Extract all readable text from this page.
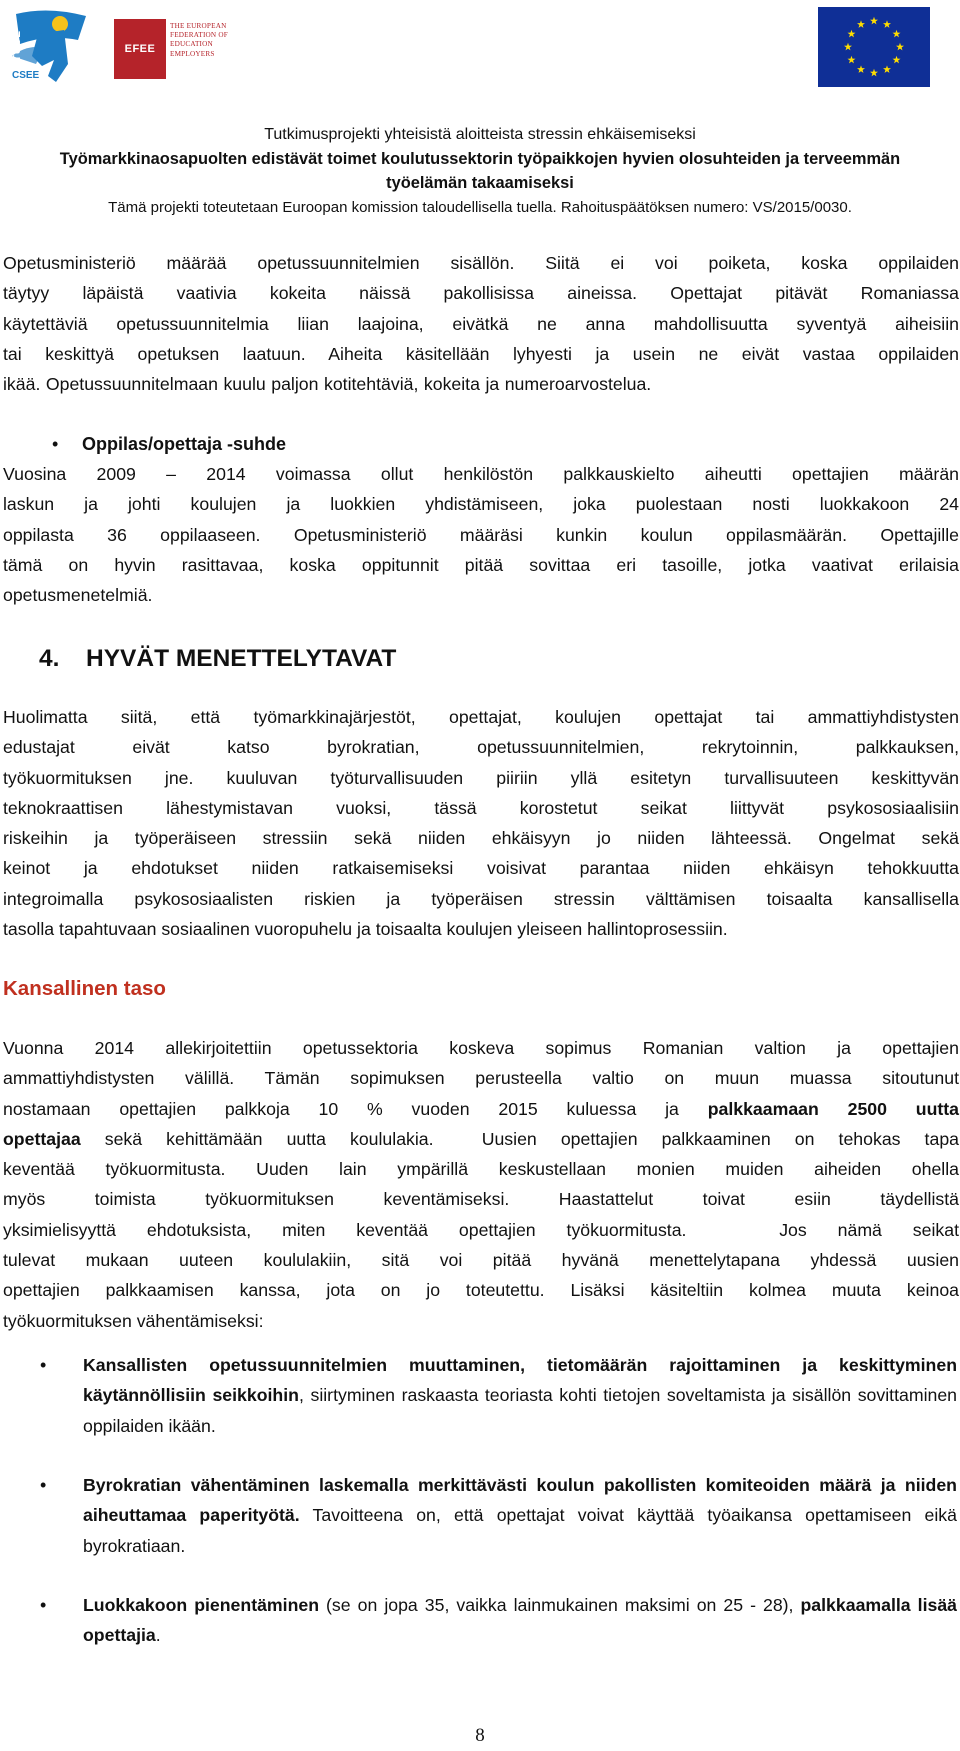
ETUCE
CSEE
EFEE
THE EUROPEAN
FEDERATION OF
EDUCATION
EMPLOYERS
Tutkimusprojekti yhteisistä aloitteista stressin ehkäisemiseksi
Työmarkkinaosapuolten edistävät toimet koulutussektorin työpaikkojen hyvien olosuhteiden ja terveemmän
työelämän takaamiseksi
Tämä projekti toteutetaan Euroopan komission taloudellisella tuella. Rahoituspäätöksen numero: VS/2015/0030.
Opetusministeriö määrää opetussuunnitelmien sisällön. Siitä ei voi poiketa, koska oppilaiden
täytyy läpäistä vaativia kokeita näissä pakollisissa aineissa. Opettajat pitävät Romaniassa
käytettäviä opetussuunnitelmia liian laajoina, eivätkä ne anna mahdollisuutta syventyä aiheisiin
tai keskittyä opetuksen laatuun. Aiheita käsitellään lyhyesti ja usein ne eivät vastaa oppilaiden
ikää. Opetussuunnitelmaan kuulu paljon kotitehtäviä, kokeita ja numeroarvostelua.
• Oppilas/opettaja -suhde
Vuosina 2009 – 2014 voimassa ollut henkilöstön palkkauskielto aiheutti opettajien määrän
laskun ja johti koulujen ja luokkien yhdistämiseen, joka puolestaan nosti luokkakoon 24
oppilasta 36 oppilaaseen. Opetusministeriö määräsi kunkin koulun oppilasmäärän. Opettajille
tämä on hyvin rasittavaa, koska oppitunnit pitää sovittaa eri tasoille, jotka vaativat erilaisia
opetusmenetelmiä.
4. HYVÄT MENETTELYTAVAT
Huolimatta siitä, että työmarkkinajärjestöt, opettajat, koulujen opettajat tai ammattiyhdistysten
edustajat eivät katso byrokratian, opetussuunnitelmien, rekrytoinnin, palkkauksen,
työkuormituksen jne. kuuluvan työturvallisuuden piiriin yllä esitetyn turvallisuuteen keskittyvän
teknokraattisen lähestymistavan vuoksi, tässä korostetut seikat liittyvät psykososiaalisiin
riskeihin ja työperäiseen stressiin sekä niiden ehkäisyyn jo niiden lähteessä. Ongelmat sekä
keinot ja ehdotukset niiden ratkaisemiseksi voisivat parantaa niiden ehkäisyn tehokkuutta
integroimalla psykososiaalisten riskien ja työperäisen stressin välttämisen toisaalta kansallisella
tasolla tapahtuvaan sosiaalinen vuoropuhelu ja toisaalta koulujen yleiseen hallintoprosessiin.
Kansallinen taso
Vuonna 2014 allekirjoitettiin opetussektoria koskeva sopimus Romanian valtion ja opettajien
ammattiyhdistysten välillä. Tämän sopimuksen perusteella valtio on muun muassa sitoutunut
nostamaan opettajien palkkoja 10 % vuoden 2015 kuluessa ja palkkaamaan 2500 uutta
opettajaa sekä kehittämään uutta koululakia.  Uusien opettajien palkkaaminen on tehokas tapa
keventää työkuormitusta. Uuden lain ympärillä keskustellaan monien muiden aiheiden ohella
myös toimista työkuormituksen keventämiseksi. Haastattelut toivat esiin täydellistä
yksimielisyyttä ehdotuksista, miten keventää opettajien työkuormitusta.   Jos nämä seikat
tulevat mukaan uuteen koululakiin, sitä voi pitää hyvänä menettelytapana yhdessä uusien
opettajien palkkaamisen kanssa, jota on jo toteutettu. Lisäksi käsiteltiin kolmea muuta keinoa
työkuormituksen vähentämiseksi:
• Kansallisten opetussuunnitelmien muuttaminen, tietomäärän rajoittaminen ja keskittyminen käytännöllisiin seikkoihin, siirtyminen raskaasta teoriasta kohti tietojen soveltamista ja sisällön sovittaminen oppilaiden ikään.

• Byrokratian vähentäminen laskemalla merkittävästi koulun pakollisten komiteoiden määrä ja niiden aiheuttamaa paperityötä. Tavoitteena on, että opettajat voivat käyttää työaikansa opettamiseen eikä byrokratiaan.

• Luokkakoon pienentäminen (se on jopa 35, vaikka lainmukainen maksimi on 25 - 28), palkkaamalla lisää opettajia.

8
